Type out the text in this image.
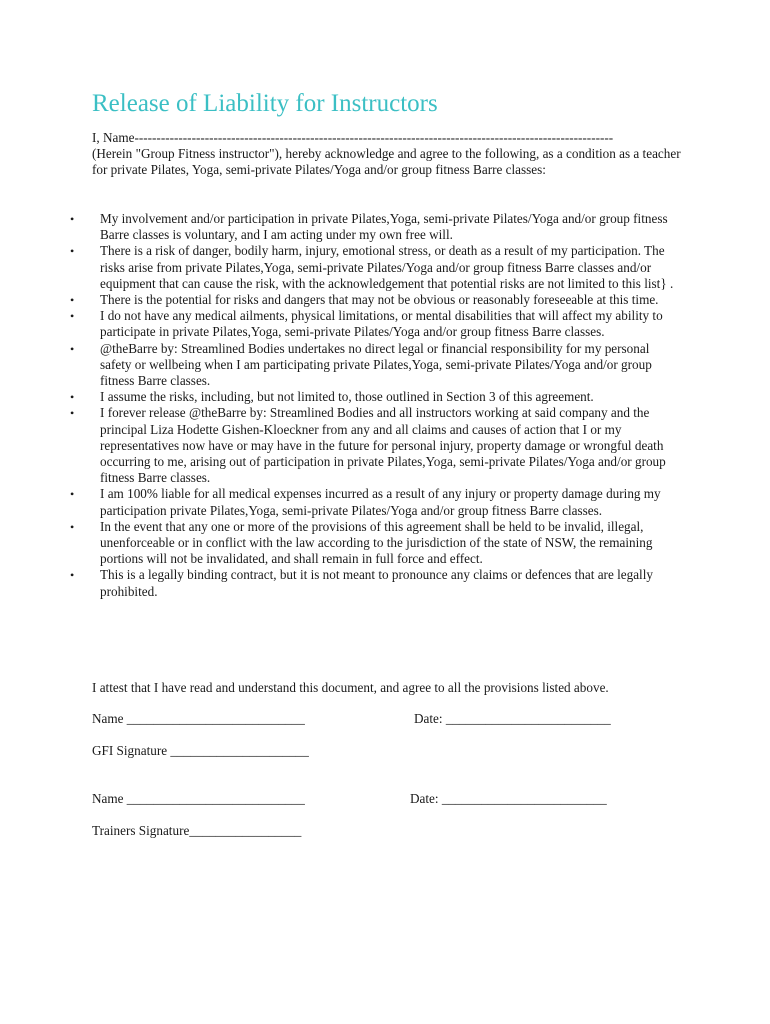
Release of Liability for Instructors

I, Name-------------------------------------------------------------------------------------------------------------
(Herein "Group Fitness instructor"), hereby acknowledge and agree to the following, as a condition as a teacher for private Pilates, Yoga, semi-private Pilates/Yoga and/or group fitness Barre classes:

• My involvement and/or participation in private Pilates,Yoga, semi-private Pilates/Yoga and/or group fitness Barre classes is voluntary, and I am acting under my own free will.
• There is a risk of danger, bodily harm, injury, emotional stress, or death as a result of my participation. The risks arise from private Pilates,Yoga, semi-private Pilates/Yoga and/or group fitness Barre classes and/or equipment that can cause the risk, with the acknowledgement that potential risks are not limited to this list} .
• There is the potential for risks and dangers that may not be obvious or reasonably foreseeable at this time.
• I do not have any medical ailments, physical limitations, or mental disabilities that will affect my ability to participate in private Pilates,Yoga, semi-private Pilates/Yoga and/or group fitness Barre classes.
• @theBarre by: Streamlined Bodies undertakes no direct legal or financial responsibility for my personal safety or wellbeing when I am participating private Pilates,Yoga, semi-private Pilates/Yoga and/or group fitness Barre classes.
• I assume the risks, including, but not limited to, those outlined in Section 3 of this agreement.
• I forever release @theBarre by: Streamlined Bodies and all instructors working at said company and the principal Liza Hodette Gishen-Kloeckner from any and all claims and causes of action that I or my representatives now have or may have in the future for personal injury, property damage or wrongful death occurring to me, arising out of participation in private Pilates,Yoga, semi-private Pilates/Yoga and/or group fitness Barre classes.
• I am 100% liable for all medical expenses incurred as a result of any injury or property damage during my participation private Pilates,Yoga, semi-private Pilates/Yoga and/or group fitness Barre classes.
• In the event that any one or more of the provisions of this agreement shall be held to be invalid, illegal, unenforceable or in conflict with the law according to the jurisdiction of the state of NSW, the remaining portions will not be invalidated, and shall remain in full force and effect.
• This is a legally binding contract, but it is not meant to pronounce any claims or defences that are legally prohibited.

I attest that I have read and understand this document, and agree to all the provisions listed above.

Name ___________________________	Date: _________________________
GFI Signature _____________________
Name ___________________________	Date: _________________________
Trainers Signature_________________
